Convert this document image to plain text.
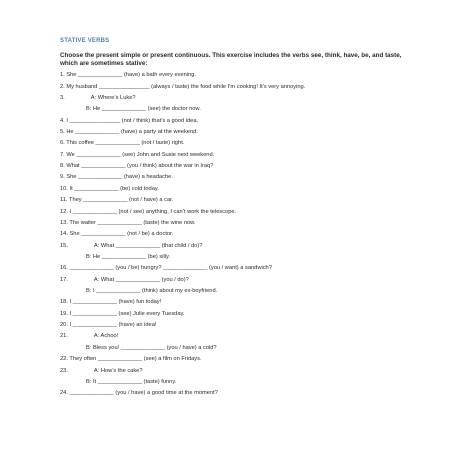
STATIVE VERBS
Choose the present simple or present continuous. This exercise includes the verbs see, think, have, be, and taste, which are sometimes stative:
1. She ______________ (have) a bath every evening.
2. My husband ________________ (always / taste) the food while I’m cooking! It’s very annoying.
3.	A: Where’s Luke?
B: He ______________ (see) the doctor now.
4. I ________________ (not / think) that’s a good idea.
5. He ______________ (have) a party at the weekend.
6. This coffee ______________ (not / taste) right.
7. We ______________ (see) John and Susie next weekend.
8. What ______________ (you / think) about the war in Iraq?
9. She ______________ (have) a headache.
10. It ______________ (be) cold today.
11. They ______________ (not / have) a car.
12. I ______________ (not / see) anything, I can’t work the telescope.
13. The waiter ______________ (taste) the wine now.
14. She ______________ (not / be) a doctor.
15.	A: What ______________ (that child / do)?
B: He ______________ (be) silly.
16. ______________ (you / be) hungry? ______________ (you / want) a sandwich?
17.	A: What ______________ (you / do)?
B: I ______________ (think) about my ex-boyfriend.
18. I ______________ (have) fun today!
19. I ______________ (see) Julie every Tuesday.
20. I ______________ (have) an idea!
21.	A: Achoo!
B: Bless you! ______________ (you / have) a cold?
22. They often ______________ (see) a film on Fridays.
23.	A: How’s the cake?
B: It ______________ (taste) funny.
24. ______________ (you / have) a good time at the moment?
